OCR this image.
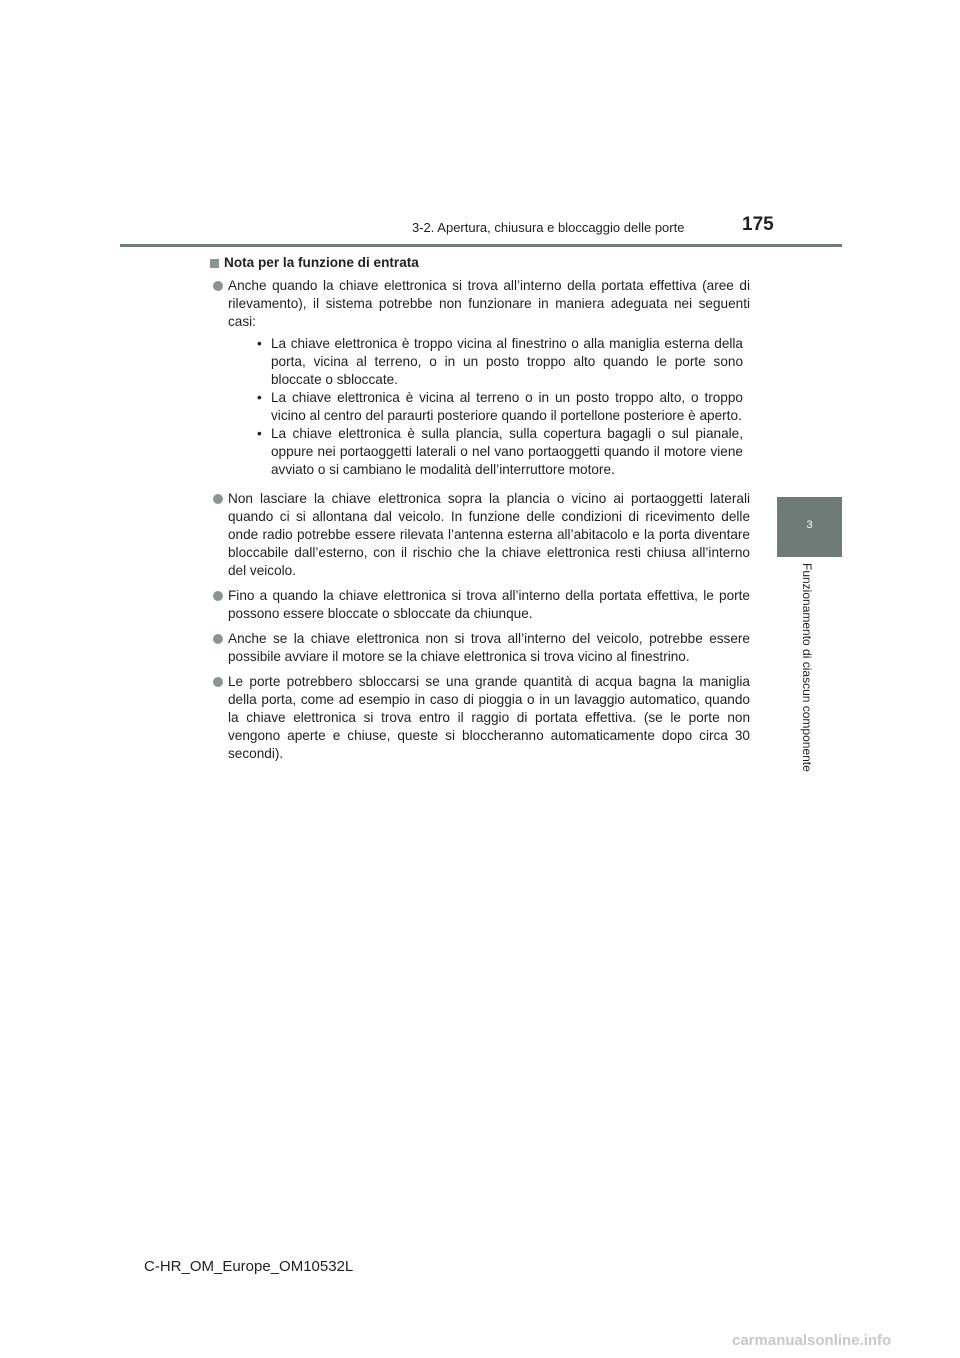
3-2. Apertura, chiusura e bloccaggio delle porte	175
3
Funzionamento di ciascun componente
Nota per la funzione di entrata
Anche quando la chiave elettronica si trova all’interno della portata effettiva (aree di rilevamento), il sistema potrebbe non funzionare in maniera adeguata nei seguenti casi:
• La chiave elettronica è troppo vicina al finestrino o alla maniglia esterna della porta, vicina al terreno, o in un posto troppo alto quando le porte sono bloccate o sbloccate.
• La chiave elettronica è vicina al terreno o in un posto troppo alto, o troppo vicino al centro del paraurti posteriore quando il portellone posteriore è aperto.
• La chiave elettronica è sulla plancia, sulla copertura bagagli o sul pianale, oppure nei portaoggetti laterali o nel vano portaoggetti quando il motore viene avviato o si cambiano le modalità dell’interruttore motore.
Non lasciare la chiave elettronica sopra la plancia o vicino ai portaoggetti laterali quando ci si allontana dal veicolo. In funzione delle condizioni di ricevimento delle onde radio potrebbe essere rilevata l’antenna esterna all’abitacolo e la porta diventare bloccabile dall’esterno, con il rischio che la chiave elettronica resti chiusa all’interno del veicolo.
Fino a quando la chiave elettronica si trova all’interno della portata effettiva, le porte possono essere bloccate o sbloccate da chiunque.
Anche se la chiave elettronica non si trova all’interno del veicolo, potrebbe essere possibile avviare il motore se la chiave elettronica si trova vicino al finestrino.
Le porte potrebbero sbloccarsi se una grande quantità di acqua bagna la maniglia della porta, come ad esempio in caso di pioggia o in un lavaggio automatico, quando la chiave elettronica si trova entro il raggio di portata effettiva. (se le porte non vengono aperte e chiuse, queste si bloccheranno automaticamente dopo circa 30 secondi).
C-HR_OM_Europe_OM10532L
carmanualsonline.info
